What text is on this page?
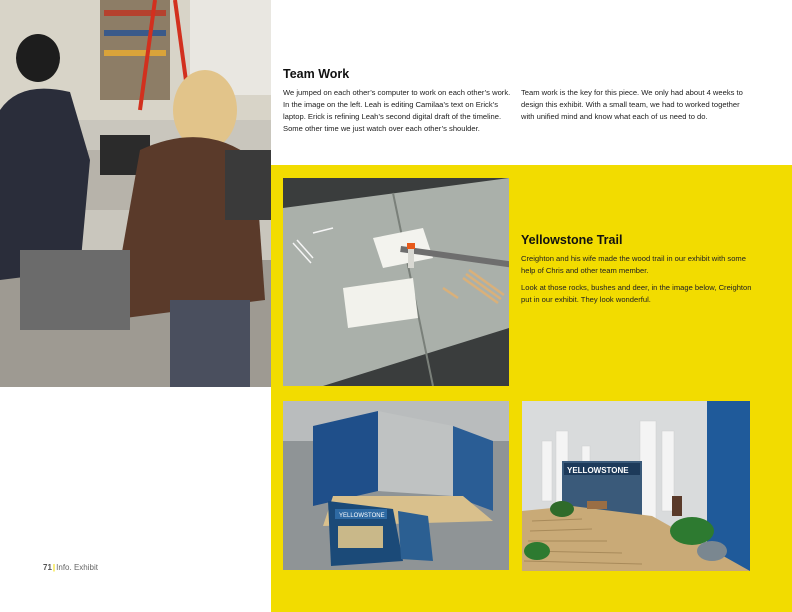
Team Work

We jumped on each other’s computer to work on each other’s work. In the image on the left. Leah is editing Camilaa’s text on Erick’s laptop. Erick is refining Leah’s second digital draft of the timeline. Some other time we just watch over each other’s shoulder.

Team work is the key for this piece. We only had about 4 weeks to design this exhibit. With a small team, we had to worked together with unified mind and know what each of us need to do.

Yellowstone Trail

Creighton and his wife made the wood trail in our exhibit with some help of Chris and other team member.

Look at those rocks, bushes and deer, in the image below, Creighton put in our exhibit. They look wonderful.

YELLOWSTONE
YELLOWSTONE
71|Info. Exhibit
